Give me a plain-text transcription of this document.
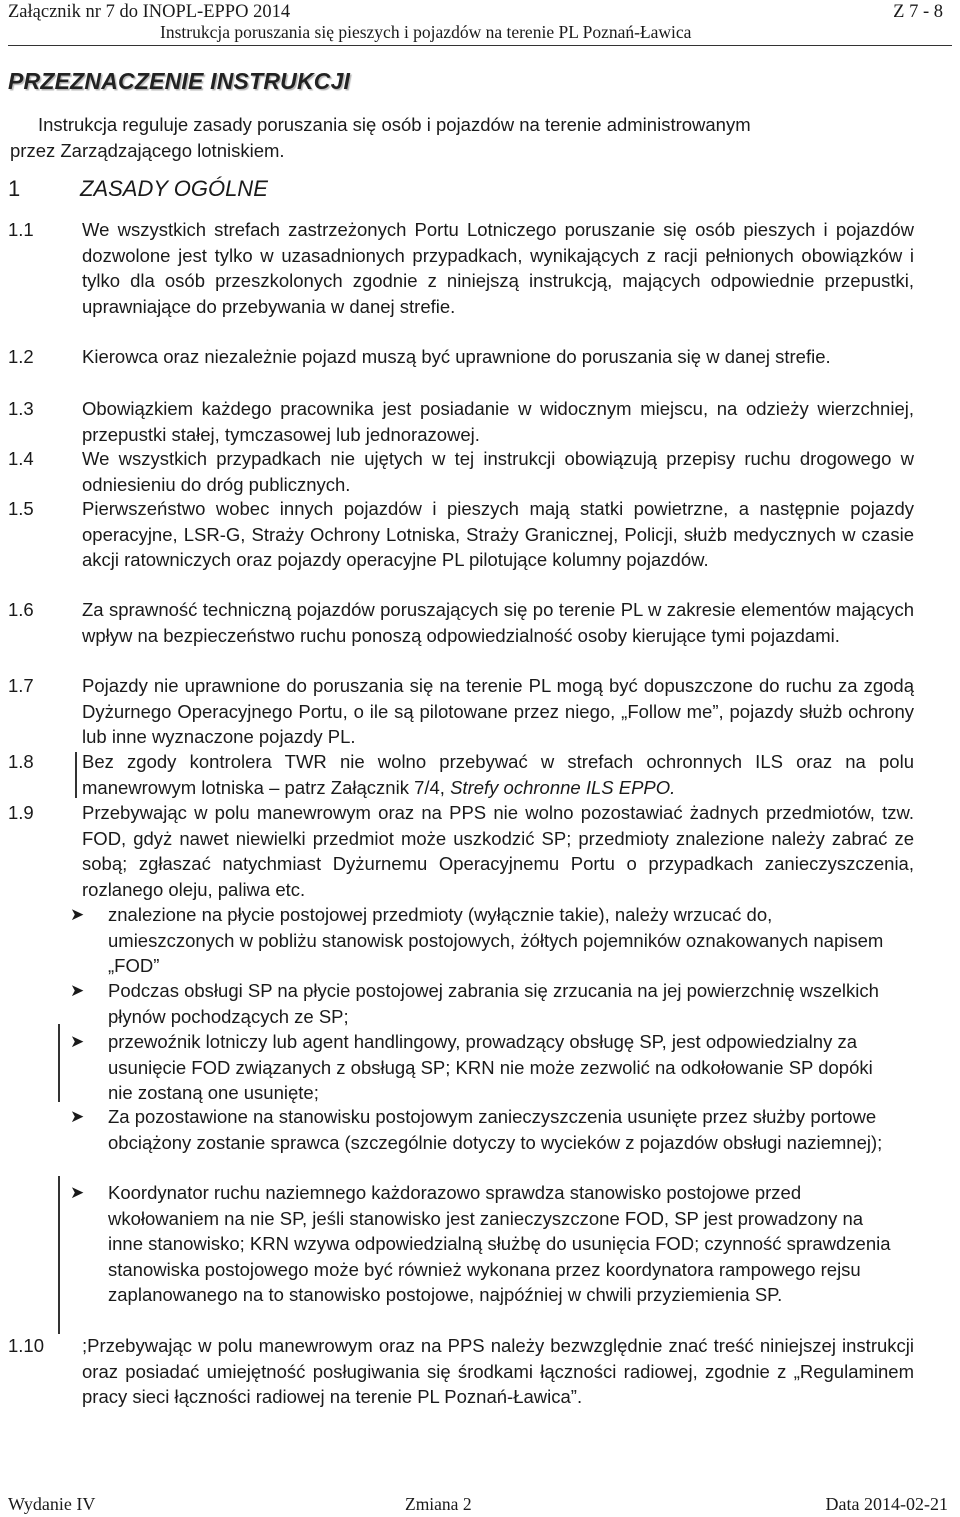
Załącznik nr 7 do INOPL-EPPO 2014	Z 7 - 8
Instrukcja poruszania się pieszych i pojazdów na terenie PL Poznań-Ławica
PRZEZNACZENIE INSTRUKCJI
Instrukcja reguluje zasady poruszania się osób i pojazdów na terenie administrowanym
przez Zarządzającego lotniskiem.
1	ZASADY OGÓLNE
1.1	We wszystkich strefach zastrzeżonych Portu Lotniczego poruszanie się osób pieszych i pojazdów dozwolone jest tylko w uzasadnionych przypadkach, wynikających z racji pełnionych obowiązków i tylko dla osób przeszkolonych zgodnie z niniejszą instrukcją, mających odpowiednie przepustki, uprawniające do przebywania w danej strefie.
1.2	Kierowca oraz niezależnie pojazd muszą być uprawnione do poruszania się w danej strefie.
1.3	Obowiązkiem każdego pracownika jest posiadanie w widocznym miejscu, na odzieży wierzchniej, przepustki stałej, tymczasowej lub jednorazowej.
1.4	We wszystkich przypadkach nie ujętych w tej instrukcji obowiązują przepisy ruchu drogowego w odniesieniu do dróg publicznych.
1.5	Pierwszeństwo wobec innych pojazdów i pieszych mają statki powietrzne, a następnie pojazdy operacyjne, LSR-G, Straży Ochrony Lotniska, Straży Granicznej, Policji, służb medycznych w czasie akcji ratowniczych oraz pojazdy operacyjne PL pilotujące kolumny pojazdów.
1.6	Za sprawność techniczną pojazdów poruszających się po terenie PL w zakresie elementów mających wpływ na bezpieczeństwo ruchu ponoszą odpowiedzialność osoby kierujące tymi pojazdami.
1.7	Pojazdy nie uprawnione do poruszania się na terenie PL mogą być dopuszczone do ruchu za zgodą Dyżurnego Operacyjnego Portu, o ile są pilotowane przez niego, „Follow me”, pojazdy służb ochrony lub inne wyznaczone pojazdy PL.
1.8	Bez zgody kontrolera TWR nie wolno przebywać w strefach ochronnych ILS oraz na polu manewrowym lotniska – patrz Załącznik 7/4, Strefy ochronne ILS EPPO.
1.9	Przebywając w polu manewrowym oraz na PPS nie wolno pozostawiać żadnych przedmiotów, tzw. FOD, gdyż nawet niewielki przedmiot może uszkodzić SP; przedmioty znalezione należy zabrać ze sobą; zgłaszać natychmiast Dyżurnemu Operacyjnemu Portu o przypadkach zanieczyszczenia, rozlanego oleju, paliwa etc.
➤	znalezione na płycie postojowej przedmioty (wyłącznie takie), należy wrzucać do, umieszczonych w pobliżu stanowisk postojowych, żółtych pojemników oznakowanych napisem „FOD”
➤	Podczas obsługi SP na płycie postojowej zabrania się zrzucania na jej powierzchnię wszelkich płynów pochodzących ze SP;
➤	przewoźnik lotniczy lub agent handlingowy, prowadzący obsługę SP, jest odpowiedzialny za usunięcie FOD związanych z obsługą SP; KRN nie może zezwolić na odkołowanie SP dopóki nie zostaną one usunięte;
➤	Za pozostawione na stanowisku postojowym zanieczyszczenia usunięte przez służby portowe obciążony zostanie sprawca (szczególnie dotyczy to wycieków z pojazdów obsługi naziemnej);
➤	Koordynator ruchu naziemnego każdorazowo sprawdza stanowisko postojowe przed wkołowaniem na nie SP, jeśli stanowisko jest zanieczyszczone FOD, SP jest prowadzony na inne stanowisko; KRN wzywa odpowiedzialną służbę do usunięcia FOD; czynność sprawdzenia stanowiska postojowego może być również wykonana przez koordynatora rampowego rejsu zaplanowanego na to stanowisko postojowe, najpóźniej w chwili przyziemienia SP.
1.10	;Przebywając w polu manewrowym oraz na PPS należy bezwzględnie znać treść niniejszej instrukcji oraz posiadać umiejętność posługiwania się środkami łączności radiowej, zgodnie z „Regulaminem pracy sieci łączności radiowej na terenie PL Poznań-Ławica”.
Wydanie IV	Zmiana 2	Data 2014-02-21
